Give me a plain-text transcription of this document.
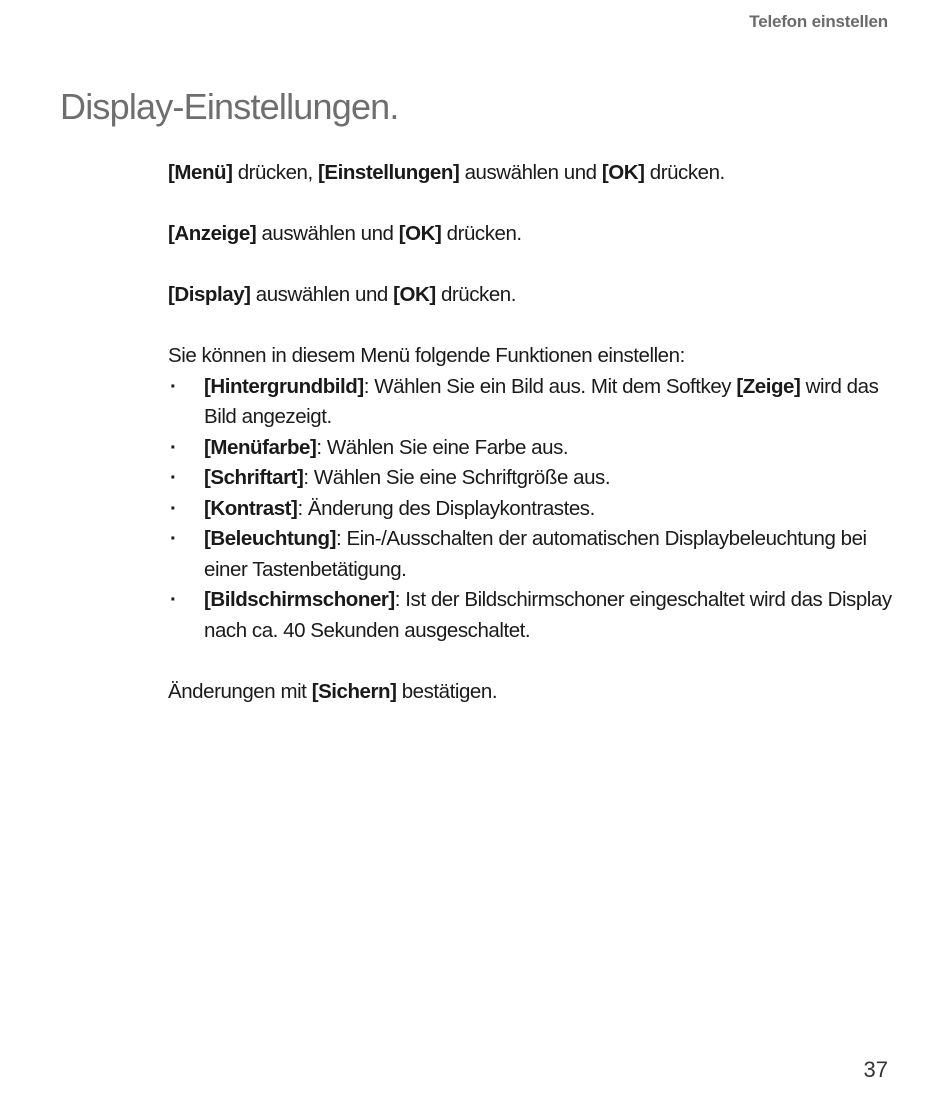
Telefon einstellen
Display-Einstellungen.

[Menü] drücken, [Einstellungen] auswählen und [OK] drücken.

[Anzeige] auswählen und [OK] drücken.

[Display] auswählen und [OK] drücken.

Sie können in diesem Menü folgende Funktionen einstellen:

· [Hintergrundbild]: Wählen Sie ein Bild aus. Mit dem Softkey [Zeige] wird das Bild angezeigt.
· [Menüfarbe]: Wählen Sie eine Farbe aus.
· [Schriftart]: Wählen Sie eine Schriftgröße aus.
· [Kontrast]: Änderung des Displaykontrastes.
· [Beleuchtung]: Ein-/Ausschalten der automatischen Displaybeleuchtung bei einer Tastenbetätigung.
· [Bildschirmschoner]: Ist der Bildschirmschoner eingeschaltet wird das Display nach ca. 40 Sekunden ausgeschaltet.

Änderungen mit [Sichern] bestätigen.

37
